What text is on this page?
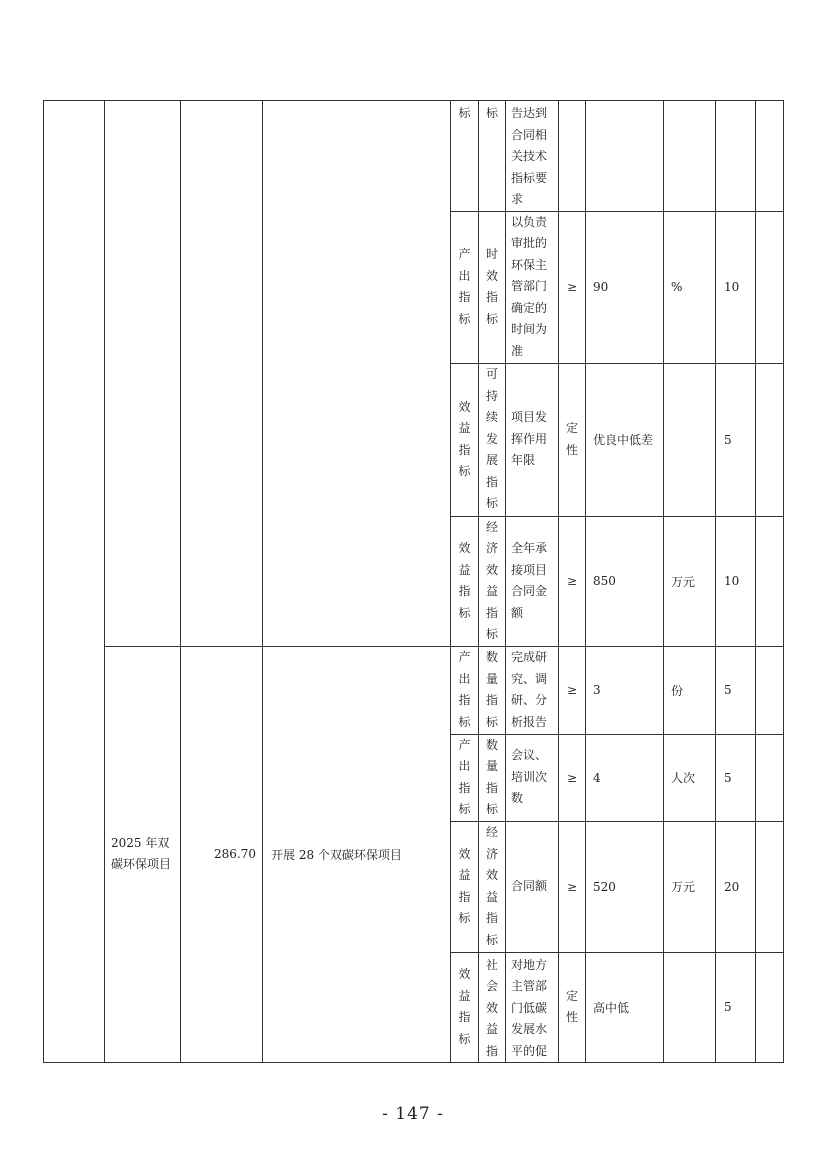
				标	标	告达到合同相关技术指标要求					
				产出指标	时效指标	以负责审批的环保主管部门确定的时间为准	≥	90	%	10	
				效益指标	可持续发展指标	项目发挥作用年限	定性	优良中低差		5	
				效益指标	经济效益指标	全年承接项目合同金额	≥	850	万元	10	
	2025 年双碳环保项目	286.70	开展 28 个双碳环保项目	产出指标	数量指标	完成研究、调研、分析报告	≥	3	份	5	
				产出指标	数量指标	会议、培训次数	≥	4	人次	5	
				效益指标	经济效益指标	合同额	≥	520	万元	20	
				效益指标	社会效益指	对地方主管部门低碳发展水平的促	定性	高中低		5	
- 147 -
